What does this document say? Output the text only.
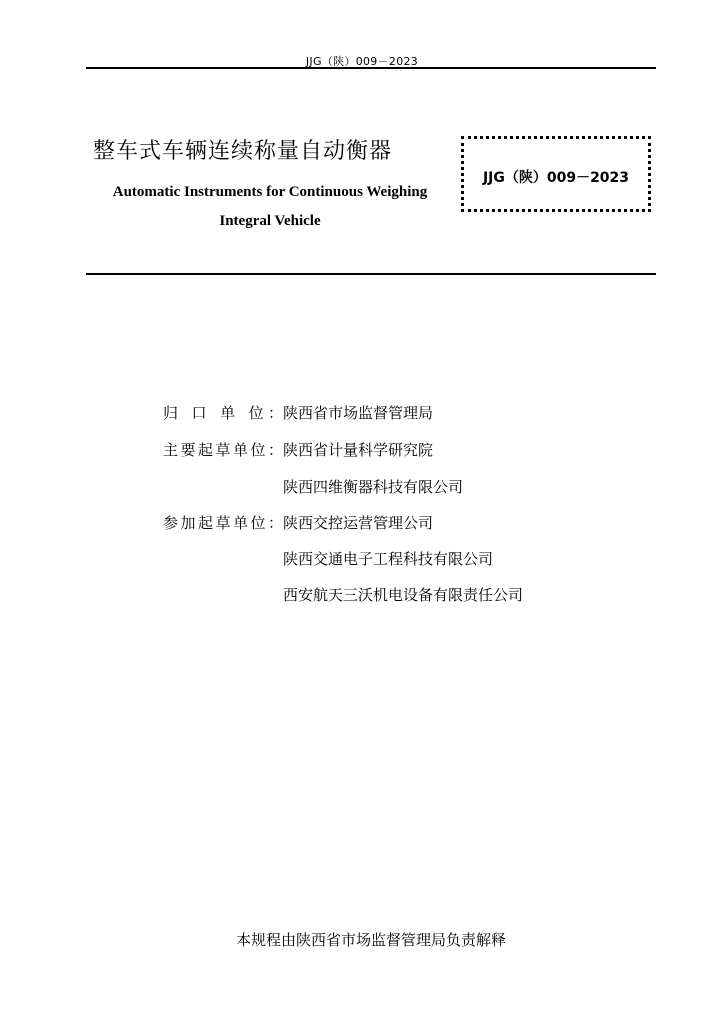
JJG（陕）009－2023
整车式车辆连续称量自动衡器
Automatic Instruments for Continuous Weighing
Integral Vehicle
JJG（陕）009－2023
归 口 单 位：陕西省市场监督管理局
主要起草单位：陕西省计量科学研究院
陕西四维衡器科技有限公司
参加起草单位：陕西交控运营管理公司
陕西交通电子工程科技有限公司
西安航天三沃机电设备有限责任公司
本规程由陕西省市场监督管理局负责解释
